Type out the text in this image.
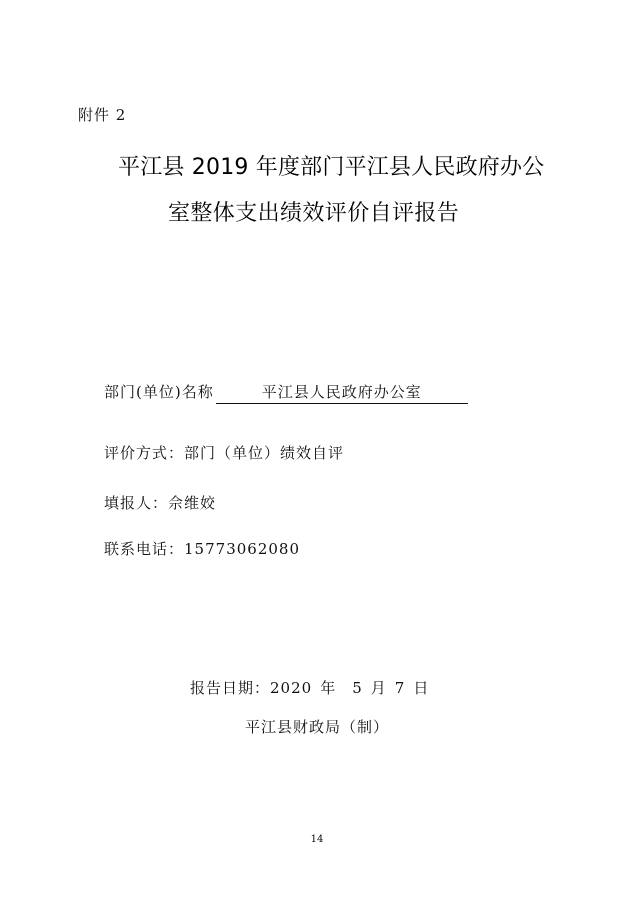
附件 2
平江县 2019 年度部门平江县人民政府办公
室整体支出绩效评价自评报告
部门(单位)名称	平江县人民政府办公室
评价方式：部门（单位）绩效自评
填报人：佘维姣
联系电话：15773062080
报告日期：2020 年 5 月 7 日
平江县财政局（制）
14
